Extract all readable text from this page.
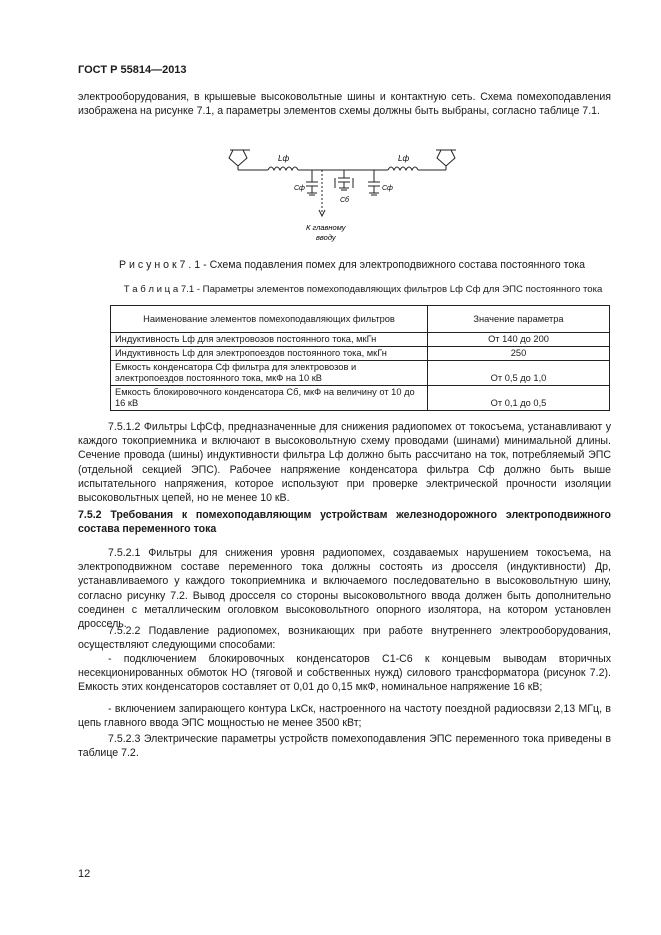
ГОСТ Р 55814—2013
электрооборудования, в крышевые высоковольтные шины и контактную сеть. Схема помехоподавления изображена на рисунке 7.1, а параметры элементов схемы должны быть выбраны, согласно таблице 7.1.
Lф	Lф
Cф	Cф
Cб
К главному
вводу
Р и с у н о к 7 . 1 - Схема подавления помех для электроподвижного состава постоянного тока
Т а б л и ц а 7.1 - Параметры элементов помехоподавляющих фильтров Lф Cф для ЭПС постоянного тока
Наименование элементов помехоподавляющих фильтров	Значение параметра
Индуктивность Lф для электровозов постоянного тока, мкГн	От 140 до 200
Индуктивность Lф для электропоездов постоянного тока, мкГн	250
Емкость конденсатора Cф фильтра для электровозов и электропоездов постоянного тока, мкФ на 10 кВ	От 0,5 до 1,0
Емкость блокировочного конденсатора Cб, мкФ на величину от 10 до 16 кВ	От 0,1 до 0,5
7.5.1.2 Фильтры LфCф, предназначенные для снижения радиопомех от токосъема, устанавливают у каждого токоприемника и включают в высоковольтную схему проводами (шинами) минимальной длины. Сечение провода (шины) индуктивности фильтра Lф должно быть рассчитано на ток, потребляемый ЭПС (отдельной секцией ЭПС). Рабочее напряжение конденсатора фильтра Cф должно быть выше испытательного напряжения, которое используют при проверке электрической прочности изоляции высоковольтных цепей, но не менее 10 кВ.
7.5.2 Требования к помехоподавляющим устройствам железнодорожного электроподвижного состава переменного тока
7.5.2.1 Фильтры для снижения уровня радиопомех, создаваемых нарушением токосъема, на электроподвижном составе переменного тока должны состоять из дросселя (индуктивности) Др, устанавливаемого у каждого токоприемника и включаемого последовательно в высоковольтную шину, согласно рисунку 7.2. Вывод дросселя со стороны высоковольтного ввода должен быть дополнительно соединен с металлическим оголовком высоковольтного опорного изолятора, на котором установлен дроссель.
7.5.2.2 Подавление радиопомех, возникающих при работе внутреннего электрооборудования, осуществляют следующими способами:
- подключением блокировочных конденсаторов С1-С6 к концевым выводам вторичных несекционированных обмоток НО (тяговой и собственных нужд) силового трансформатора (рисунок 7.2). Емкость этих конденсаторов составляет от 0,01 до 0,15 мкФ, номинальное напряжение 16 кВ;
- включением запирающего контура LкCк, настроенного на частоту поездной радиосвязи 2,13 МГц, в цепь главного ввода ЭПС мощностью не менее 3500 кВт;
7.5.2.3 Электрические параметры устройств помехоподавления ЭПС переменного тока приведены в таблице 7.2.
12
